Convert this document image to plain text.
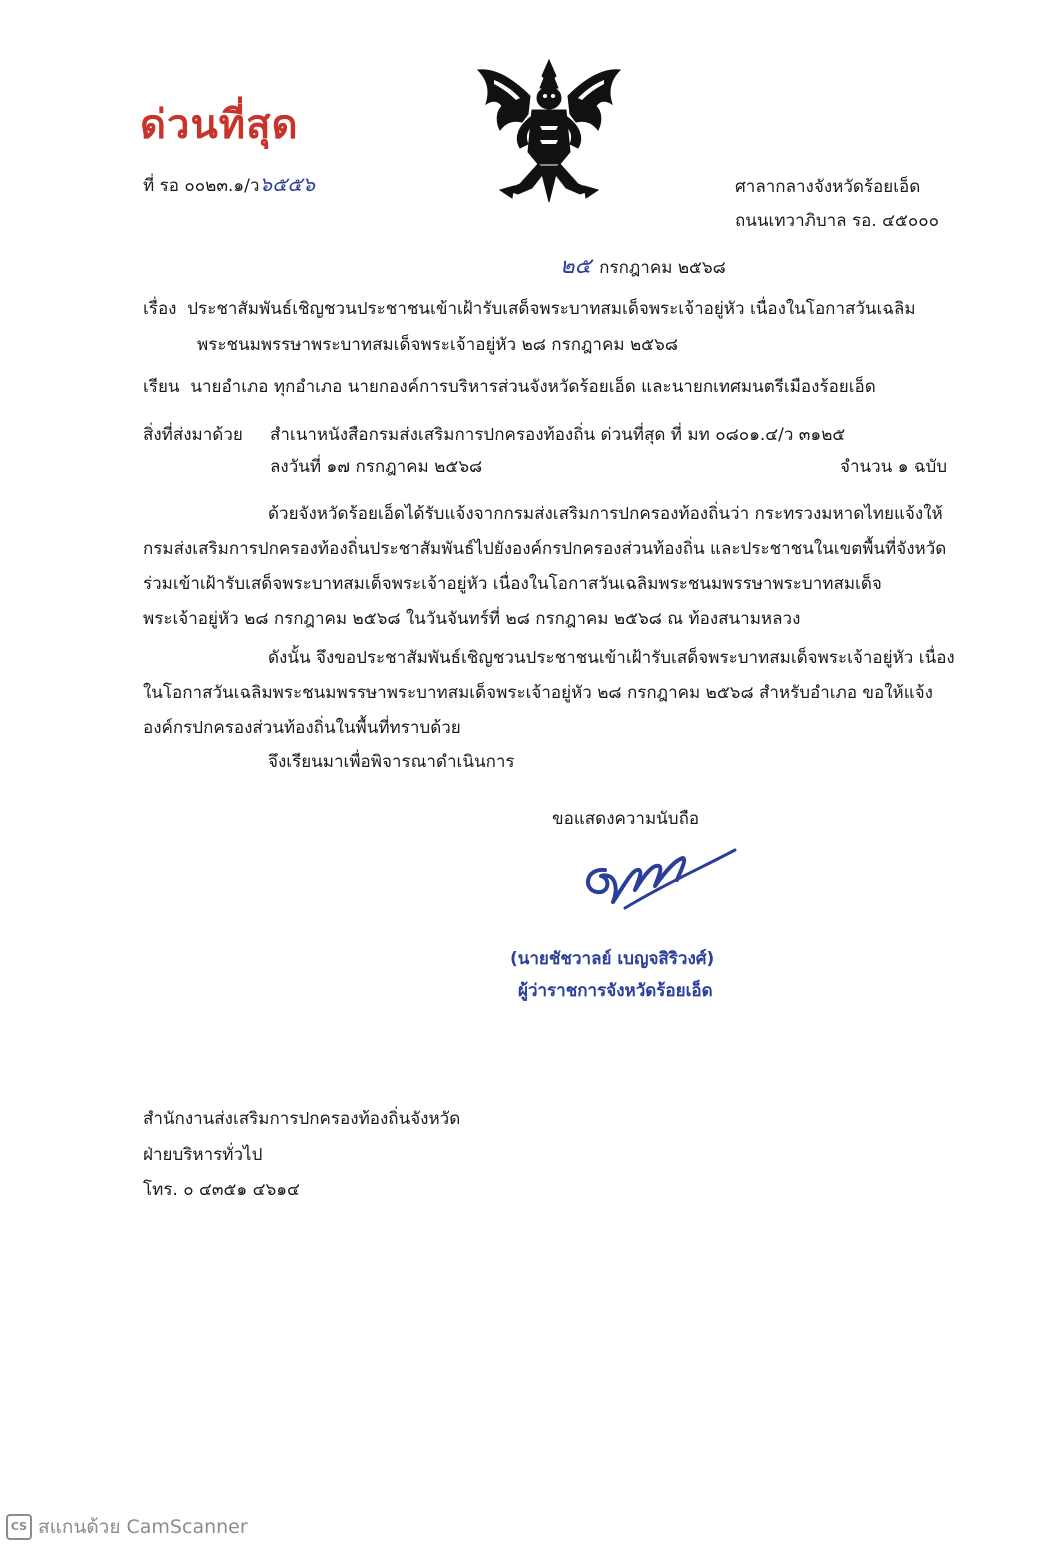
ด่วนที่สุด
ที่ รอ ๐๐๒๓.๑/ว๖๕๕๖	ศาลากลางจังหวัดร้อยเอ็ด
ถนนเทวาภิบาล รอ. ๔๕๐๐๐
๒๕ กรกฎาคม ๒๕๖๘
เรื่อง ประชาสัมพันธ์เชิญชวนประชาชนเข้าเฝ้ารับเสด็จพระบาทสมเด็จพระเจ้าอยู่หัว เนื่องในโอกาสวันเฉลิม
พระชนมพรรษาพระบาทสมเด็จพระเจ้าอยู่หัว ๒๘ กรกฎาคม ๒๕๖๘
เรียน นายอำเภอ ทุกอำเภอ นายกองค์การบริหารส่วนจังหวัดร้อยเอ็ด และนายกเทศมนตรีเมืองร้อยเอ็ด
สิ่งที่ส่งมาด้วย สำเนาหนังสือกรมส่งเสริมการปกครองท้องถิ่น ด่วนที่สุด ที่ มท ๐๘๐๑.๔/ว ๓๑๒๕
ลงวันที่ ๑๗ กรกฎาคม ๒๕๖๘	จำนวน ๑ ฉบับ
ด้วยจังหวัดร้อยเอ็ดได้รับแจ้งจากกรมส่งเสริมการปกครองท้องถิ่นว่า กระทรวงมหาดไทยแจ้งให้กรมส่งเสริมการปกครองท้องถิ่นประชาสัมพันธ์ไปยังองค์กรปกครองส่วนท้องถิ่น และประชาชนในเขตพื้นที่จังหวัด ร่วมเข้าเฝ้ารับเสด็จพระบาทสมเด็จพระเจ้าอยู่หัว เนื่องในโอกาสวันเฉลิมพระชนมพรรษาพระบาทสมเด็จพระเจ้าอยู่หัว ๒๘ กรกฎาคม ๒๕๖๘ ในวันจันทร์ที่ ๒๘ กรกฎาคม ๒๕๖๘ ณ ท้องสนามหลวง
ดังนั้น จึงขอประชาสัมพันธ์เชิญชวนประชาชนเข้าเฝ้ารับเสด็จพระบาทสมเด็จพระเจ้าอยู่หัว เนื่องในโอกาสวันเฉลิมพระชนมพรรษาพระบาทสมเด็จพระเจ้าอยู่หัว ๒๘ กรกฎาคม ๒๕๖๘ สำหรับอำเภอ ขอให้แจ้งองค์กรปกครองส่วนท้องถิ่นในพื้นที่ทราบด้วย
จึงเรียนมาเพื่อพิจารณาดำเนินการ
ขอแสดงความนับถือ
(นายชัชวาลย์ เบญจสิริวงศ์)
ผู้ว่าราชการจังหวัดร้อยเอ็ด
สำนักงานส่งเสริมการปกครองท้องถิ่นจังหวัด
ฝ่ายบริหารทั่วไป
โทร. ๐ ๔๓๕๑ ๔๖๑๔
CS สแกนด้วย CamScanner
